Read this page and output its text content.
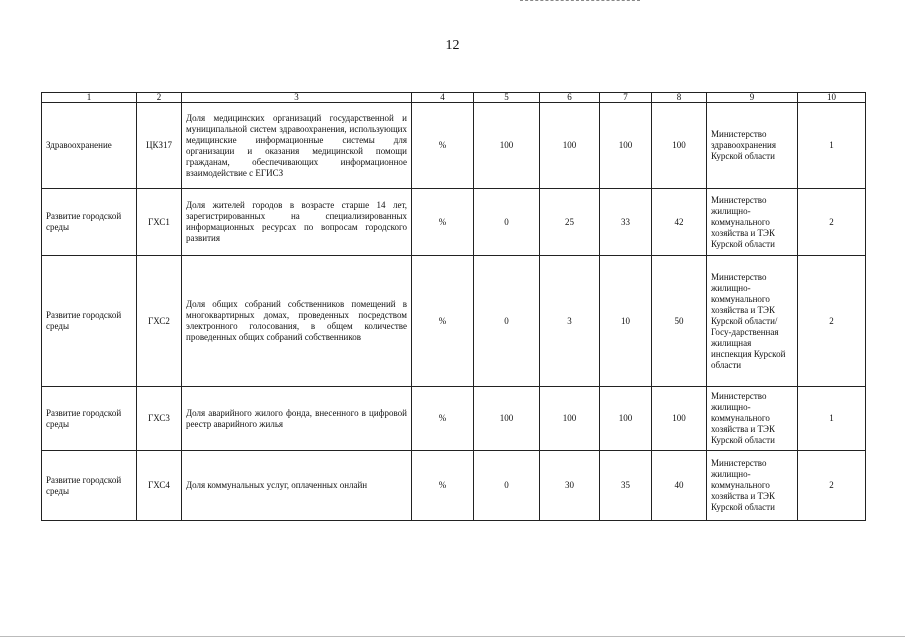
12
1	2	3	4	5	6	7	8	9	10
Здравоохранение	ЦКЗ17	Доля медицинских организаций государственной и муниципальной систем здравоохранения, использующих медицинские информационные системы для организации и оказания медицинской помощи гражданам, обеспечивающих информационное взаимодействие с ЕГИСЗ	%	100	100	100	100	Министерство здравоохранения Курской области	1
Развитие городской среды	ГХС1	Доля жителей городов в возрасте старше 14 лет, зарегистрированных на специализированных информационных ресурсах по вопросам городского развития	%	0	25	33	42	Министерство жилищно-коммунального хозяйства и ТЭК Курской области	2
Развитие городской среды	ГХС2	Доля общих собраний собственников помещений в многоквартирных домах, проведенных посредством электронного голосования, в общем количестве проведенных общих собраний собственников	%	0	3	10	50	Министерство жилищно-коммунального хозяйства и ТЭК Курской области/Госу-дарственная жилищная инспекция Курской области	2
Развитие городской среды	ГХС3	Доля аварийного жилого фонда, внесенного в цифровой реестр аварийного жилья	%	100	100	100	100	Министерство жилищно-коммунального хозяйства и ТЭК Курской области	1
Развитие городской среды	ГХС4	Доля коммунальных услуг, оплаченных онлайн	%	0	30	35	40	Министерство жилищно-коммунального хозяйства и ТЭК Курской области	2
